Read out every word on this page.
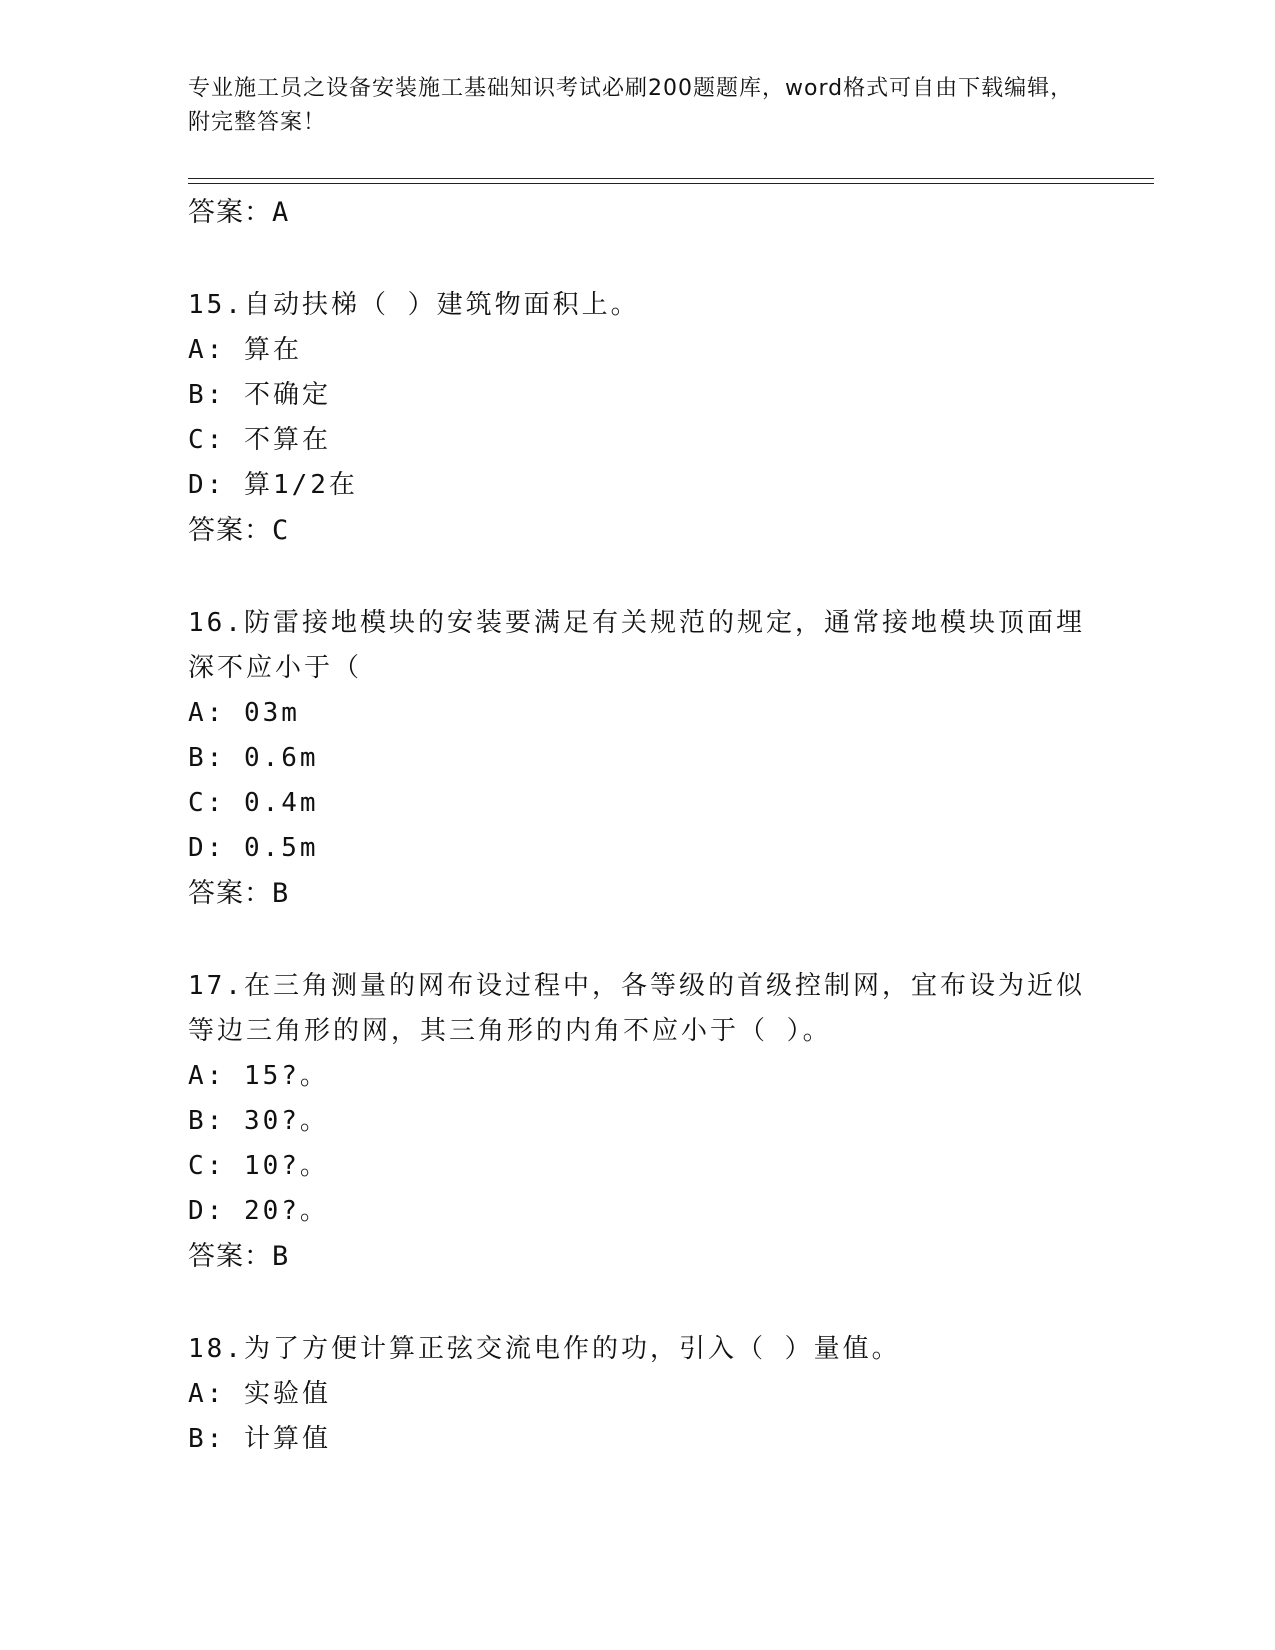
专业施工员之设备安装施工基础知识考试必刷200题题库，word格式可自由下载编辑，附完整答案！
答案：A
15.自动扶梯（ ）建筑物面积上。
A: 算在
B: 不确定
C: 不算在
D: 算1/2在
答案：C
16.防雷接地模块的安装要满足有关规范的规定，通常接地模块顶面埋深不应小于（
A: 03m
B: 0.6m
C: 0.4m
D: 0.5m
答案：B
17.在三角测量的网布设过程中，各等级的首级控制网，宜布设为近似等边三角形的网，其三角形的内角不应小于（ ）。
A: 15?。
B: 30?。
C: 10?。
D: 20?。
答案：B
18.为了方便计算正弦交流电作的功，引入（ ）量值。
A: 实验值
B: 计算值
